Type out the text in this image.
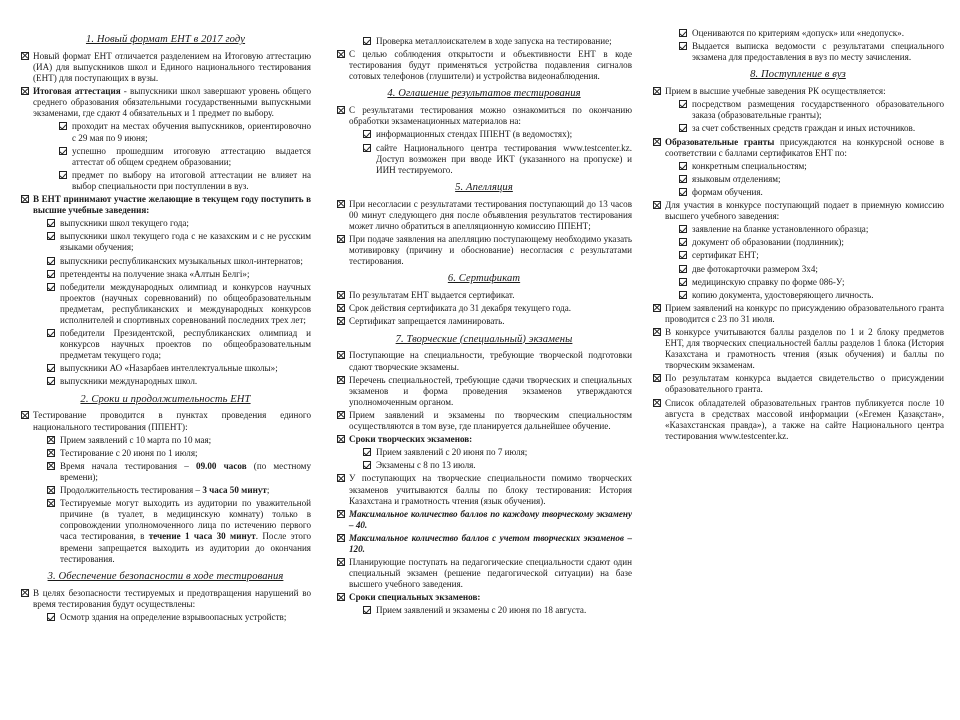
1. Новый формат ЕНТ в 2017 году
Новый формат ЕНТ отличается разделением на Итоговую аттестацию (ИА) для выпускников школ и Единого национального тестирования (ЕНТ) для поступающих в вузы.
Итоговая аттестация - выпускники школ завершают уровень общего среднего образования обязательными государственными выпускными экзаменами, где сдают 4 обязательных и 1 предмет по выбору.
проходит на местах обучения выпускников, ориентировочно с 29 мая по 9 июня;
успешно прошедшим итоговую аттестацию выдается аттестат об общем среднем образовании;
предмет по выбору на итоговой аттестации не влияет на выбор специальности при поступлении в вуз.
В ЕНТ принимают участие желающие в текущем году поступить в высшие учебные заведения:
выпускники школ текущего года;
выпускники школ текущего года с не казахским и с не русским языками обучения;
выпускники республиканских музыкальных школ-интернатов;
претенденты на получение знака «Алтын Белгі»;
победители международных олимпиад и конкурсов научных проектов (научных соревнований) по общеобразовательным предметам, республиканских и международных конкурсов исполнителей и спортивных соревнований последних трех лет;
победители Президентской, республиканских олимпиад и конкурсов научных проектов по общеобразовательным предметам текущего года;
выпускники АО «Назарбаев интеллектуальные школы»;
выпускники международных школ.
2. Сроки и продолжительность ЕНТ
Тестирование проводится в пунктах проведения единого национального тестирования (ППЕНТ):
Прием заявлений с 10 марта по 10 мая;
Тестирование с 20 июня по 1 июля;
Время начала тестирования – 09.00 часов (по местному времени);
Продолжительность тестирования – 3 часа 50 минут;
Тестируемые могут выходить из аудитории по уважительной причине (в туалет, в медицинскую комнату) только в сопровождении уполномоченного лица по истечению первого часа тестирования, в течение 1 часа 30 минут. После этого времени запрещается выходить из аудитории до окончания тестирования.
3. Обеспечение безопасности в ходе тестирования
В целях безопасности тестируемых и предотвращения нарушений во время тестирования будут осуществлены:
Осмотр здания на определение взрывоопасных устройств;
Проверка металлоискателем в ходе запуска на тестирование;
С целью соблюдения открытости и объективности ЕНТ в коде тестирования будут применяться устройства подавления сигналов сотовых телефонов (глушители) и устройства видеонаблюдения.
4. Оглашение результатов тестирования
С результатами тестирования можно ознакомиться по окончанию обработки экзаменационных материалов на:
информационных стендах ППЕНТ (в ведомостях);
сайте Национального центра тестирования www.testcenter.kz. Доступ возможен при вводе ИКТ (указанного на пропуске) и ИИН тестируемого.
5. Апелляция
При несогласии с результатами тестирования поступающий до 13 часов 00 минут следующего дня после объявления результатов тестирования может лично обратиться в апелляционную комиссию ППЕНТ;
При подаче заявления на апелляцию поступающему необходимо указать мотивировку (причину и обоснование) несогласия с результатами тестирования.
6. Сертификат
По результатам ЕНТ выдается сертификат.
Срок действия сертификата до 31 декабря текущего года.
Сертификат запрещается ламинировать.
7. Творческие (специальный) экзамены
Поступающие на специальности, требующие творческой подготовки сдают творческие экзамены.
Перечень специальностей, требующие сдачи творческих и специальных экзаменов и форма проведения экзаменов утверждаются уполномоченным органом.
Прием заявлений и экзамены по творческим специальностям осуществляются в том вузе, где планируется дальнейшее обучение.
Сроки творческих экзаменов:
Прием заявлений с 20 июня по 7 июля;
Экзамены с 8 по 13 июля.
У поступающих на творческие специальности помимо творческих экзаменов учитываются баллы по блоку тестирования: История Казахстана и грамотность чтения (язык обучения).
Максимальное количество баллов по каждому творческому экзамену – 40.
Максимальное количество баллов с учетом творческих экзаменов – 120.
Планирующие поступать на педагогические специальности сдают один специальный экзамен (решение педагогической ситуации) на базе высшего учебного заведения.
Сроки специальных экзаменов:
Прием заявлений и экзамены с 20 июня по 18 августа.
Оцениваются по критериям «допуск» или «недопуск».
Выдается выписка ведомости с результатами специального экзамена для предоставления в вуз по месту зачисления.
8. Поступление в вуз
Прием в высшие учебные заведения РК осуществляется:
посредством размещения государственного образовательного заказа (образовательные гранты);
за счет собственных средств граждан и иных источников.
Образовательные гранты присуждаются на конкурсной основе в соответствии с баллами сертификатов ЕНТ по:
конкретным специальностям;
языковым отделениям;
формам обучения.
Для участия в конкурсе поступающий подает в приемную комиссию высшего учебного заведения:
заявление на бланке установленного образца;
документ об образовании (подлинник);
сертификат ЕНТ;
две фотокарточки размером 3х4;
медицинскую справку по форме 086-У;
копию документа, удостоверяющего личность.
Прием заявлений на конкурс по присуждению образовательного гранта проводится с 23 по 31 июля.
В конкурсе учитываются баллы разделов по 1 и 2 блоку предметов ЕНТ, для творческих специальностей баллы разделов 1 блока (История Казахстана и грамотность чтения (язык обучения) и баллы по творческим экзаменам.
По результатам конкурса выдается свидетельство о присуждении образовательного гранта.
Список обладателей образовательных грантов публикуется после 10 августа в средствах массовой информации («Егемен Қазақстан», «Казахстанская правда»), а также на сайте Национального центра тестирования www.testcenter.kz.
